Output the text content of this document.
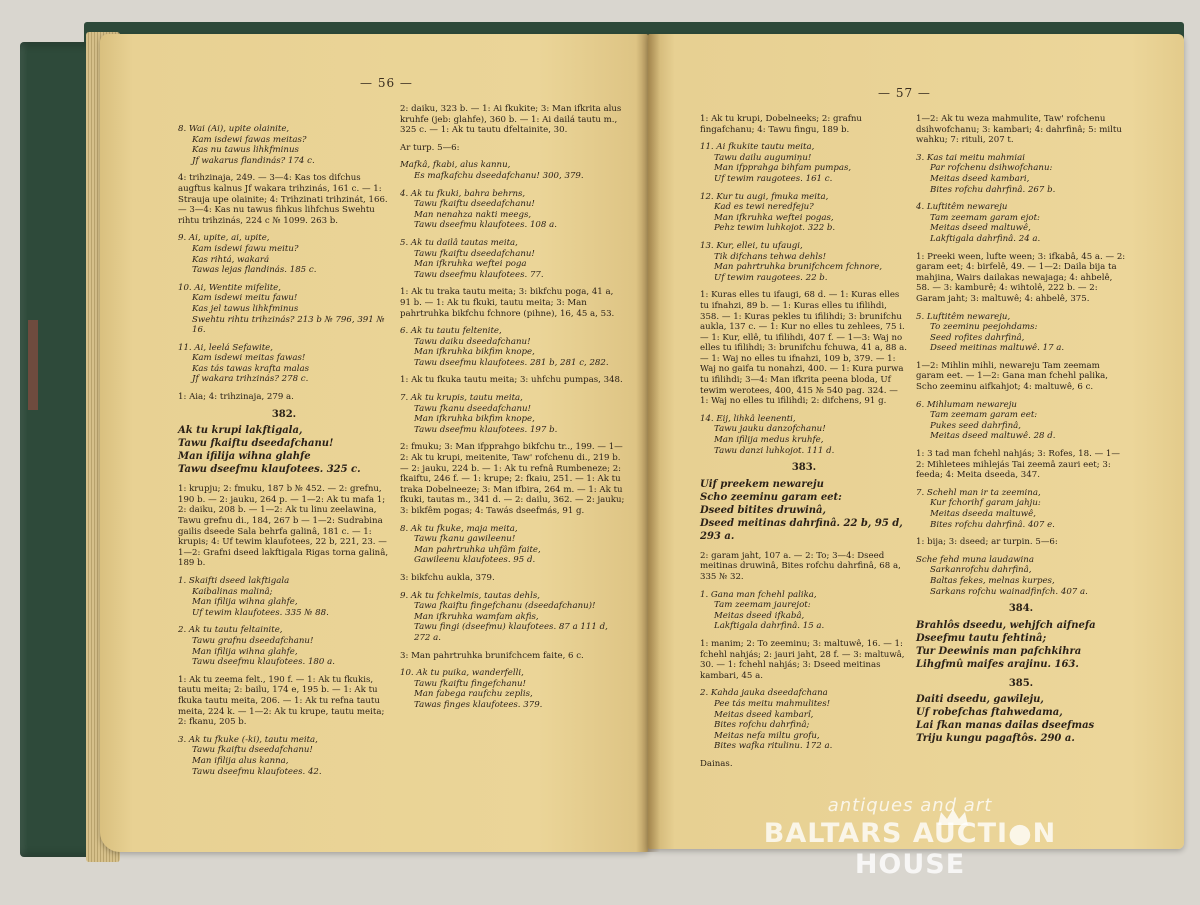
— 56 —
8. Wai (Ai), upite olainite,
Kam isdewi fawas meitas?
Kas nu tawus lihkfminus
Jf wakarus flandinás? 174 c.

4: trihzinaja, 249. — 3—4: Kas tos difchus augftus kalnus Jf wakara trihzinás, 161 c. — 1: Strauja upe olainite; 4: Trihzinati trihzinát, 166. — 3—4: Kas nu tawus fihkus lihfchus Swehtu rihtu trihzinás, 224 c № 1099. 263 b.

9. Ai, upite, ai, upite,
Kam isdewi fawu meitu?
Kas rihtá, wakará
Tawas lejas flandinás. 185 c.
10. Ai, Wentite mifelite,
Kam isdewi meitu fawu!
Kas jel tawus lihkfminus
Swehtu rihtu trihzinás? 213 b № 796, 391 № 16.
11. Ai, leelá Sefawite,
Kam isdewi meitas fawas!
Kas tás tawas krafta malas
Jf wakara trihzinás? 278 c.

1: Aia; 4: trihzinaja, 279 a.

382.
Ak tu krupi lakftigala,
Tawu fkaiftu dseedafchanu!
Man ifilija wihna glahfe
Tawu dseefmu klaufotees. 325 c.

1: krupju; 2: fmuku, 187 b № 452. — 2: grefnu, 190 b. — 2: jauku, 264 p. — 1—2: Ak tu mafa 1; 2: daiku, 208 b. — 1—2: Ak tu linu zeelawina, Tawu grefnu di., 184, 267 b — 1—2: Sudrabina gailis dseede Sala behrfa galinâ, 181 c. — 1: krupis; 4: Uf tewim klaufotees, 22 b, 221, 23. — 1—2: Grafni dseed lakftigala Rigas torna galinâ, 189 b.

1. Skaifti dseed lakftigala
Kaibalinas malinâ;
Man ifilija wihna glahfe,
Uf tewim klaufotees. 335 № 88.
2. Ak tu tautu feltainite,
Tawu grafnu dseedafchanu!
Man ifilija wihna glahfe,
Tawu dseefmu klaufotees. 180 a.

1: Ak tu zeema felt., 190 f. — 1: Ak tu fkukis, tautu meita; 2: bailu, 174 e, 195 b. — 1: Ak tu fkuka tautu meita, 206. — 1: Ak tu refna tautu meita, 224 k. — 1—2: Ak tu krupe, tautu meita; 2: fkanu, 205 b.

3. Ak tu fkuke (-ki), tautu meita,
Tawu fkaiftu dseedafchanu!
Man ifilija alus kanna,
Tawu dseefmu klaufotees. 42.

2: daiku, 323 b. — 1: Ai fkukite; 3: Man ifkrita alus kruhfe (jeb: glahfe), 360 b. — 1: Ai dailá tautu m., 325 c. — 1: Ak tu tautu dfeltainite, 30.

Ar turp. 5—6:

Mafkâ, fkabi, alus kannu,
Es mafkafchu dseedafchanu! 300, 379.
4. Ak tu fkuki, bahra behrns,
Tawu fkaiftu dseedafchanu!
Man nenahza nakti meegs,
Tawu dseefmu klaufotees. 108 a.
5. Ak tu dailâ tautas meita,
Tawu fkaiftu dseedafchanu!
Man ifkruhka weftei poga
Tawu dseefmu klaufotees. 77.

1: Ak tu traka tautu meita; 3: bikfchu poga, 41 a, 91 b. — 1: Ak tu fkuki, tautu meita; 3: Man pahrtruhka bikfchu fchnore (pihne), 16, 45 a, 53.

6. Ak tu tautu feltenite,
Tawu daiku dseedafchanu!
Man ifkruhka bikfim knope,
Tawu dseefmu klaufotees. 281 b, 281 c, 282.

1: Ak tu fkuka tautu meita; 3: uhfchu pumpas, 348.

7. Ak tu krupis, tautu meita,
Tawu fkanu dseedafchanu!
Man ifkruhka bikfim knope,
Tawu dseefmu klaufotees. 197 b.

2: fmuku; 3: Man ifpprahgo bikfchu tr.., 199. — 1—2: Ak tu krupi, meitenite, Taw' rofchenu di., 219 b. — 2: jauku, 224 b. — 1: Ak tu refnâ Rumbeneze; 2: fkaiftu, 246 f. — 1: krupe; 2: fkaiu, 251. — 1: Ak tu traka Dobelneeze; 3: Man ifbira, 264 m. — 1: Ak tu fkuki, tautas m., 341 d. — 2: dailu, 362. — 2: jauku; 3: bikfêm pogas; 4: Tawás dseefmás, 91 g.

8. Ak tu fkuke, maja meita,
Tawu fkanu gawileenu!
Man pahrtruhka uhfâm faite,
Gawileenu klaufotees. 95 d.

3: bikfchu aukla, 379.

9. Ak tu fchkelmis, tautas dehls,
Tawa fkaiftu fingefchanu (dseedafchanu)!
Man ifkruhka wamfam akfis,
Tawu fingi (dseefmu) klaufotees. 87 a 111 d, 272 a.

3: Man pahrtruhka brunifchcem faite, 6 c.

10. Ak tu puika, wanderfelli,
Tawu fkaiftu fingefchanu!
Man fabega raufchu zeplis,
Tawas finges klaufotees. 379.
— 57 —

1: Ak tu krupi, Dobelneeks; 2: grafnu fingafchanu; 4: Tawu fingu, 189 b.

11. Ai fkukite tautu meita,
Tawu dailu augumiņu!
Man ifpprahga bihfam pumpas,
Uf tewim raugotees. 161 c.
12. Kur tu augi, fmuka meita,
Kad es tewi neredfeju?
Man ifkruhka weftei pogas,
Pehz tewim luhkojot. 322 b.
13. Kur, ellei, tu ufaugi,
Tik difchans tehwa dehls!
Man pahrtruhka brunifchcem fchnore,
Uf tewim raugotees. 22 b.

1: Kuras elles tu ifaugi, 68 d. — 1: Kuras elles tu ifnahzi, 89 b. — 1: Kuras elles tu ifilihdi, 358. — 1: Kuras pekles tu ifilihdi; 3: brunifchu aukla, 137 c. — 1: Kur no elles tu zehlees, 75 i. — 1: Kur, ellê, tu ifilihdi, 407 f. — 1—3: Waj no elles tu ifilihdi; 3: brunifchu fchuwa, 41 a, 88 a. — 1: Waj no elles tu ifnahzi, 109 b, 379. — 1: Waj no gaifa tu nonahzi, 400. — 1: Kura purwa tu ifilihdi; 3—4: Man ifkrita peena bloda, Uf tewim werotees, 400, 415 № 540 pag. 324. — 1: Waj no elles tu ifilihdi; 2: difchens, 91 g.

14. Eij, lihkâ leenenti,
Tawu jauku danzofchanu!
Man ifilija medus kruhfe,
Tawu danzi luhkojot. 111 d.
383.
Uif preekem newareju
Scho zeeminu garam eet:
Dseed bitites druwinâ,
Dseed meitinas dahrfinâ. 22 b, 95 d, 293 a.

2: garam jaht, 107 a. — 2: To; 3—4: Dseed meitinas druwinâ, Bites rofchu dahrfinâ, 68 a, 335 № 32.

1. Gana man fchehl palika,
Tam zeemam jaurejot:
Meitas dseed ifkabâ,
Lakftigala dahrfinâ. 15 a.

1: manim; 2: To zeeminu; 3: maltuwê, 16. — 1: fchehl nahjás; 2: jauri jaht, 28 f. — 3: maltuwâ, 30. — 1: fchehl nahjás; 3: Dseed meitinas kambari, 45 a.

2. Kahda jauka dseedafchana
Pee tás meitu mahmulites!
Meitas dseed kambarî,
Bites rofchu dahrfinâ;
Meitas nefa miltu grofu,
Bites wafka ritulinu. 172 a.

Dainas.

1—2: Ak tu weza mahmulite, Taw' rofchenu dsihwofchanu; 3: kambari; 4: dahrfinâ; 5: miltu wahku; 7: rituli, 207 t.

3. Kas tai meitu mahmiai
Par rofchenu dsihwofchanu:
Meitas dseed kambari,
Bites rofchu dahrfinâ. 267 b.
4. Luftitêm newareju
Tam zeemam garam ejot:
Meitas dseed maltuwê,
Lakftigala dahrfinâ. 24 a.

1: Preeki ween, lufte ween; 3: ifkabâ, 45 a. — 2: garam eet; 4: birfelê, 49. — 1—2: Daila bija ta mahjina, Wairs dailakas newajaga; 4: ahbelê, 58. — 3: kamburê; 4: wihtolê, 222 b. — 2: Garam jaht; 3: maltuwê; 4: ahbelê, 375.

5. Luftitêm newareju,
To zeeminu peejohdams:
Seed rofites dahrfinâ,
Dseed meitinas maltuwê. 17 a.

1—2: Mihlin mihli, newareju Tam zeemam garam eet. — 1—2: Gana man fchehl palika, Scho zeeminu aifkahjot; 4: maltuwê, 6 c.

6. Mihlumam newareju
Tam zeemam garam eet:
Pukes seed dahrfinâ,
Meitas dseed maltuwê. 28 d.

1: 3 tad man fchehl nahjás; 3: Rofes, 18. — 1—2: Mihletees mihlejás Tai zeemâ zauri eet; 3: feeda; 4: Meita dseeda, 347.

7. Schehl man ir ta zeemina,
Kur fchorihf garam jahju:
Meitas dseeda maltuwê,
Bites rofchu dahrfinâ. 407 e.

1: bija; 3: dseed; ar turpin. 5—6:

Sche fehd muna laudawina
Sarkanrofchu dahrfinâ,
Baltas fekes, melnas kurpes,
Sarkans rofchu wainadfinfch. 407 a.
384.
Brahlôs dseedu, wehjfch aifnefa
Dseefmu tautu fehtinâ;
Tur Deewinis man pafchkihra
Lihgfmû maifes arajinu. 163.
385.
Daiti dseedu, gawileju,
Uf robefchas ftahwedama,
Lai fkan manas dailas dseefmas
Triju kungu pagaftôs. 290 a.
antiques and art
BALTARS AUCTI●N HOUSE
